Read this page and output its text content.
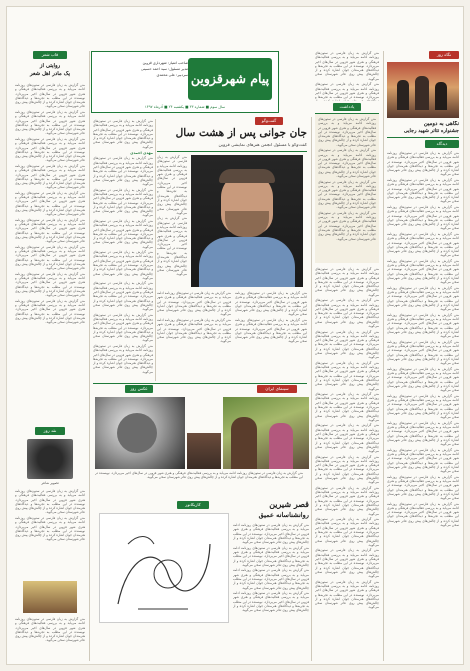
پیام شهرقزوین
صاحب امتیاز: شهرداری قزوین
مدیر مسئول: سید احمد حسینی
سردبیر: علی محمدی
سال سوم ■ شماره ۳۳ ■ یکشنبه ۲۴ ■ آذرماه ۱۳۹۷
نگاه روز
نگاهی به دومین
جشنواره تئاتر شهید رجایی
دیدگاه

متن گزارش به زبان فارسی در ستون‌های روزنامه ادامه می‌یابد و به بررسی فعالیت‌های فرهنگی و هنری شهر قزوین در سال‌های اخیر می‌پردازد. نویسنده در این مطلب به تجربه‌ها و دیدگاه‌های هنرمندان جوان اشاره کرده و از چالش‌های پیش روی تئاتر شهرستان سخن می‌گوید.

متن گزارش به زبان فارسی در ستون‌های روزنامه ادامه می‌یابد و به بررسی فعالیت‌های فرهنگی و هنری شهر قزوین در سال‌های اخیر می‌پردازد. نویسنده در این مطلب به تجربه‌ها و دیدگاه‌های هنرمندان جوان اشاره کرده و از چالش‌های پیش روی تئاتر شهرستان سخن می‌گوید.

متن گزارش به زبان فارسی در ستون‌های روزنامه ادامه می‌یابد و به بررسی فعالیت‌های فرهنگی و هنری شهر قزوین در سال‌های اخیر می‌پردازد. نویسنده در این مطلب به تجربه‌ها و دیدگاه‌های هنرمندان جوان اشاره کرده و از چالش‌های پیش روی تئاتر شهرستان سخن می‌گوید.

متن گزارش به زبان فارسی در ستون‌های روزنامه ادامه می‌یابد و به بررسی فعالیت‌های فرهنگی و هنری شهر قزوین در سال‌های اخیر می‌پردازد. نویسنده در این مطلب به تجربه‌ها و دیدگاه‌های هنرمندان جوان اشاره کرده و از چالش‌های پیش روی تئاتر شهرستان سخن می‌گوید.

متن گزارش به زبان فارسی در ستون‌های روزنامه ادامه می‌یابد و به بررسی فعالیت‌های فرهنگی و هنری شهر قزوین در سال‌های اخیر می‌پردازد. نویسنده در این مطلب به تجربه‌ها و دیدگاه‌های هنرمندان جوان اشاره کرده و از چالش‌های پیش روی تئاتر شهرستان سخن می‌گوید.

متن گزارش به زبان فارسی در ستون‌های روزنامه ادامه می‌یابد و به بررسی فعالیت‌های فرهنگی و هنری شهر قزوین در سال‌های اخیر می‌پردازد. نویسنده در این مطلب به تجربه‌ها و دیدگاه‌های هنرمندان جوان اشاره کرده و از چالش‌های پیش روی تئاتر شهرستان سخن می‌گوید.

متن گزارش به زبان فارسی در ستون‌های روزنامه ادامه می‌یابد و به بررسی فعالیت‌های فرهنگی و هنری شهر قزوین در سال‌های اخیر می‌پردازد. نویسنده در این مطلب به تجربه‌ها و دیدگاه‌های هنرمندان جوان اشاره کرده و از چالش‌های پیش روی تئاتر شهرستان سخن می‌گوید.

متن گزارش به زبان فارسی در ستون‌های روزنامه ادامه می‌یابد و به بررسی فعالیت‌های فرهنگی و هنری شهر قزوین در سال‌های اخیر می‌پردازد. نویسنده در این مطلب به تجربه‌ها و دیدگاه‌های هنرمندان جوان اشاره کرده و از چالش‌های پیش روی تئاتر شهرستان سخن می‌گوید.

متن گزارش به زبان فارسی در ستون‌های روزنامه ادامه می‌یابد و به بررسی فعالیت‌های فرهنگی و هنری شهر قزوین در سال‌های اخیر می‌پردازد. نویسنده در این مطلب به تجربه‌ها و دیدگاه‌های هنرمندان جوان اشاره کرده و از چالش‌های پیش روی تئاتر شهرستان سخن می‌گوید.

متن گزارش به زبان فارسی در ستون‌های روزنامه ادامه می‌یابد و به بررسی فعالیت‌های فرهنگی و هنری شهر قزوین در سال‌های اخیر می‌پردازد. نویسنده در این مطلب به تجربه‌ها و دیدگاه‌های هنرمندان جوان اشاره کرده و از چالش‌های پیش روی تئاتر شهرستان سخن می‌گوید.

متن گزارش به زبان فارسی در ستون‌های روزنامه ادامه می‌یابد و به بررسی فعالیت‌های فرهنگی و هنری شهر قزوین در سال‌های اخیر می‌پردازد. نویسنده در این مطلب به تجربه‌ها و دیدگاه‌های هنرمندان جوان اشاره کرده و از چالش‌های پیش روی تئاتر شهرستان سخن می‌گوید.

متن گزارش به زبان فارسی در ستون‌های روزنامه ادامه می‌یابد و به بررسی فعالیت‌های فرهنگی و هنری شهر قزوین در سال‌های اخیر می‌پردازد. نویسنده در این مطلب به تجربه‌ها و دیدگاه‌های هنرمندان جوان اشاره کرده و از چالش‌های پیش روی تئاتر شهرستان سخن می‌گوید.

متن گزارش به زبان فارسی در ستون‌های روزنامه ادامه می‌یابد و به بررسی فعالیت‌های فرهنگی و هنری شهر قزوین در سال‌های اخیر می‌پردازد. نویسنده در این مطلب به تجربه‌ها و دیدگاه‌های هنرمندان جوان اشاره کرده و از چالش‌های پیش روی تئاتر شهرستان سخن می‌گوید.

متن گزارش به زبان فارسی در ستون‌های روزنامه ادامه می‌یابد و به بررسی فعالیت‌های فرهنگی و هنری شهر قزوین در سال‌های اخیر می‌پردازد. نویسنده در این مطلب به تجربه‌ها و دیدگاه‌های هنرمندان جوان اشاره کرده و از چالش‌های پیش روی تئاتر شهرستان سخن می‌گوید.

متن گزارش به زبان فارسی در ستون‌های روزنامه ادامه می‌یابد و به بررسی فعالیت‌های فرهنگی و هنری شهر قزوین در سال‌های اخیر می‌پردازد. نویسنده در این مطلب به تجربه‌ها و دیدگاه‌های هنرمندان جوان اشاره کرده و از چالش‌های پیش روی تئاتر شهرستان سخن می‌گوید.

متن گزارش به زبان فارسی در ستون‌های روزنامه ادامه می‌یابد و به بررسی فعالیت‌های فرهنگی و هنری شهر قزوین در سال‌های اخیر می‌پردازد. نویسنده در این مطلب به تجربه‌ها و

یادداشت

متن گزارش به زبان فارسی در ستون‌های روزنامه ادامه می‌یابد و به بررسی فعالیت‌های فرهنگی و هنری شهر قزوین در سال‌های اخیر می‌پردازد. نویسنده در این مطلب به تجربه‌ها و دیدگاه‌های هنرمندان جوان اشاره کرده و از چالش‌های پیش روی تئاتر شهرستان سخن می‌گوید.

متن گزارش به زبان فارسی در ستون‌های روزنامه ادامه می‌یابد و به بررسی فعالیت‌های فرهنگی و هنری شهر قزوین در سال‌های اخیر می‌پردازد. نویسنده در این مطلب به تجربه‌ها و دیدگاه‌های هنرمندان جوان اشاره کرده و از چالش‌های پیش روی تئاتر شهرستان سخن می‌گوید.

متن گزارش به زبان فارسی در ستون‌های روزنامه ادامه می‌یابد و به بررسی فعالیت‌های فرهنگی و هنری شهر قزوین در سال‌های اخیر می‌پردازد. نویسنده در این مطلب به تجربه‌ها و دیدگاه‌های هنرمندان جوان اشاره کرده و از چالش‌های پیش روی تئاتر شهرستان سخن می‌گوید.

متن گزارش به زبان فارسی در ستون‌های روزنامه ادامه می‌یابد و به بررسی فعالیت‌های فرهنگی و هنری شهر قزوین در سال‌های اخیر می‌پردازد. نویسنده در این مطلب به تجربه‌ها و دیدگاه‌های هنرمندان جوان اشاره کرده و از چالش‌های پیش روی تئاتر شهرستان سخن می‌گوید.

متن گزارش به زبان فارسی در ستون‌های روزنامه ادامه می‌یابد و به بررسی فعالیت‌های فرهنگی و هنری شهر قزوین در سال‌های اخیر می‌پردازد. نویسنده در این مطلب به تجربه‌ها و دیدگاه‌های هنرمندان جوان اشاره کرده و از چالش‌های پیش روی تئاتر شهرستان سخن می‌گوید.

متن گزارش به زبان فارسی در ستون‌های روزنامه ادامه می‌یابد و به بررسی فعالیت‌های فرهنگی و هنری شهر قزوین در سال‌های اخیر می‌پردازد. نویسنده در این مطلب به تجربه‌ها و دیدگاه‌های هنرمندان جوان اشاره کرده و از چالش‌های پیش روی تئاتر شهرستان سخن می‌گوید.

متن گزارش به زبان فارسی در ستون‌های روزنامه ادامه می‌یابد و به بررسی فعالیت‌های فرهنگی و هنری شهر قزوین در سال‌های اخیر می‌پردازد. نویسنده در این مطلب به تجربه‌ها و دیدگاه‌های هنرمندان جوان اشاره کرده و از چالش‌های پیش روی تئاتر شهرستان سخن می‌گوید.

متن گزارش به زبان فارسی در ستون‌های روزنامه ادامه می‌یابد و به بررسی فعالیت‌های فرهنگی و هنری شهر قزوین در سال‌های اخیر می‌پردازد. نویسنده در این مطلب به تجربه‌ها و دیدگاه‌های هنرمندان جوان اشاره کرده و از چالش‌های پیش روی تئاتر شهرستان سخن می‌گوید.

متن گزارش به زبان فارسی در ستون‌های روزنامه ادامه می‌یابد و به بررسی فعالیت‌های فرهنگی و هنری شهر قزوین در سال‌های اخیر می‌پردازد. نویسنده در این مطلب به تجربه‌ها و دیدگاه‌های هنرمندان جوان اشاره کرده و از چالش‌های پیش روی تئاتر شهرستان سخن می‌گوید.

متن گزارش به زبان فارسی در ستون‌های روزنامه ادامه می‌یابد و به بررسی فعالیت‌های فرهنگی و هنری شهر قزوین در سال‌های اخیر می‌پردازد. نویسنده در این مطلب به تجربه‌ها و دیدگاه‌های هنرمندان جوان اشاره کرده و از چالش‌های پیش روی تئاتر شهرستان سخن می‌گوید.

متن گزارش به زبان فارسی در ستون‌های روزنامه ادامه می‌یابد و به بررسی فعالیت‌های فرهنگی و هنری شهر قزوین در سال‌های اخیر می‌پردازد. نویسنده در این مطلب به تجربه‌ها و دیدگاه‌های هنرمندان جوان اشاره کرده و از چالش‌های پیش روی تئاتر شهرستان سخن می‌گوید.

متن گزارش به زبان فارسی در ستون‌های روزنامه ادامه می‌یابد و به بررسی فعالیت‌های فرهنگی و هنری شهر قزوین در سال‌های اخیر می‌پردازد. نویسنده در این مطلب به تجربه‌ها و دیدگاه‌های هنرمندان جوان اشاره کرده و از چالش‌های پیش روی تئاتر شهرستان سخن می‌گوید.

متن گزارش به زبان فارسی در ستون‌های روزنامه ادامه می‌یابد و به بررسی فعالیت‌های فرهنگی و هنری شهر قزوین در سال‌های اخیر می‌پردازد. نویسنده در این مطلب به تجربه‌ها و دیدگاه‌های هنرمندان جوان اشاره کرده و از چالش‌های پیش روی تئاتر شهرستان سخن می‌گوید.

متن گزارش به زبان فارسی در ستون‌های روزنامه ادامه می‌یابد و به بررسی فعالیت‌های فرهنگی و هنری شهر قزوین در سال‌های اخیر می‌پردازد. نویسنده در این مطلب به تجربه‌ها و دیدگاه‌های هنرمندان جوان اشاره کرده و از چالش‌های پیش روی تئاتر شهرستان سخن می‌گوید.

متن گزارش به زبان فارسی در ستون‌های روزنامه ادامه می‌یابد و به بررسی فعالیت‌های فرهنگی و هنری شهر قزوین در سال‌های اخیر می‌پردازد. نویسنده در این مطلب به تجربه‌ها و دیدگاه‌های هنرمندان جوان اشاره کرده و از چالش‌های پیش روی تئاتر شهرستان سخن می‌گوید.

گفت‌وگو
جان جوانی پس از هشت سال
گفت‌وگو با مسئول انجمن هنرهای نمایشی قزوین

متن گزارش به زبان فارسی در ستون‌های روزنامه ادامه می‌یابد و به بررسی فعالیت‌های فرهنگی و هنری شهر قزوین در سال‌های اخیر می‌پردازد. نویسنده در این مطلب به تجربه‌ها و دیدگاه‌های هنرمندان جوان اشاره کرده و از چالش‌های پیش روی تئاتر شهرستان سخن می‌گوید.

متن گزارش به زبان فارسی در ستون‌های روزنامه ادامه می‌یابد و به بررسی فعالیت‌های فرهنگی و هنری شهر قزوین در سال‌های اخیر می‌پردازد. نویسنده در این مطلب به تجربه‌ها و دیدگاه‌های هنرمندان جوان اشاره کرده و از چالش‌های پیش روی تئاتر شهرستان سخن می‌گوید.

متن گزارش به زبان فارسی در ستون‌های روزنامه ادامه می‌یابد و به بررسی فعالیت‌های فرهنگی و هنری شهر قزوین در سال‌های اخیر می‌پردازد. نویسنده در این مطلب به تجربه‌ها و دیدگاه‌های هنرمندان جوان اشاره کرده و از چالش‌های پیش روی تئاتر شهرستان سخن می‌گوید.

متن گزارش به زبان فارسی در ستون‌های روزنامه ادامه می‌یابد و به بررسی فعالیت‌های فرهنگی و هنری شهر قزوین در سال‌های اخیر می‌پردازد. نویسنده در این مطلب به تجربه‌ها و دیدگاه‌های هنرمندان جوان اشاره کرده و از چالش‌های پیش روی تئاتر شهرستان سخن می‌گوید.

متن گزارش به زبان فارسی در ستون‌های روزنامه ادامه می‌یابد و به بررسی فعالیت‌های فرهنگی و هنری شهر قزوین در سال‌های اخیر می‌پردازد. نویسنده در این مطلب به تجربه‌ها و دیدگاه‌های هنرمندان جوان اشاره کرده و از چالش‌های پیش روی تئاتر شهرستان سخن می‌گوید.

متن گزارش به زبان فارسی در ستون‌های روزنامه ادامه می‌یابد و به بررسی فعالیت‌های فرهنگی و هنری شهر قزوین در سال‌های اخیر می‌پردازد. نویسنده در این مطلب به تجربه‌ها و دیدگاه‌های هنرمندان جوان اشاره کرده و از چالش‌های پیش روی تئاتر شهرستان سخن می‌گوید.

متن گزارش به زبان فارسی در ستون‌های روزنامه ادامه می‌یابد و به بررسی فعالیت‌های فرهنگی و هنری شهر قزوین در سال‌های اخیر می‌پردازد. نویسنده در این مطلب به تجربه‌ها و دیدگاه‌های هنرمندان جوان اشاره کرده و از چالش‌های پیش روی تئاتر شهرستان سخن می‌گوید.

مهدی احمدی

متن گزارش به زبان فارسی در ستون‌های روزنامه ادامه می‌یابد و به بررسی فعالیت‌های فرهنگی و هنری شهر قزوین در سال‌های اخیر می‌پردازد. نویسنده در این مطلب به تجربه‌ها و دیدگاه‌های هنرمندان جوان اشاره کرده و از چالش‌های پیش روی تئاتر شهرستان سخن می‌گوید.

متن گزارش به زبان فارسی در ستون‌های روزنامه ادامه می‌یابد و به بررسی فعالیت‌های فرهنگی و هنری شهر قزوین در سال‌های اخیر می‌پردازد. نویسنده در این مطلب به تجربه‌ها و دیدگاه‌های هنرمندان جوان اشاره کرده و از چالش‌های پیش روی تئاتر شهرستان سخن می‌گوید.

متن گزارش به زبان فارسی در ستون‌های روزنامه ادامه می‌یابد و به بررسی فعالیت‌های فرهنگی و هنری شهر قزوین در سال‌های اخیر می‌پردازد. نویسنده در این مطلب به تجربه‌ها و دیدگاه‌های هنرمندان جوان اشاره کرده و از چالش‌های پیش روی تئاتر شهرستان سخن می‌گوید.

متن گزارش به زبان فارسی در ستون‌های روزنامه ادامه می‌یابد و به بررسی فعالیت‌های فرهنگی و هنری شهر قزوین در سال‌های اخیر می‌پردازد. نویسنده در این مطلب به تجربه‌ها و دیدگاه‌های هنرمندان جوان اشاره کرده و از چالش‌های پیش روی تئاتر شهرستان سخن می‌گوید.

متن گزارش به زبان فارسی در ستون‌های روزنامه ادامه می‌یابد و به بررسی فعالیت‌های فرهنگی و هنری شهر قزوین در سال‌های اخیر می‌پردازد. نویسنده در این مطلب به تجربه‌ها و دیدگاه‌های هنرمندان جوان اشاره کرده و از چالش‌های پیش روی تئاتر شهرستان سخن می‌گوید.

متن گزارش به زبان فارسی در ستون‌های روزنامه ادامه می‌یابد و به بررسی فعالیت‌های فرهنگی و هنری شهر قزوین در سال‌های اخیر می‌پردازد. نویسنده در این مطلب به تجربه‌ها و دیدگاه‌های هنرمندان جوان اشاره کرده و از چالش‌های پیش روی تئاتر شهرستان سخن می‌گوید.

متن گزارش به زبان فارسی در ستون‌های روزنامه ادامه می‌یابد و به بررسی فعالیت‌های فرهنگی و هنری شهر قزوین در سال‌های اخیر می‌پردازد. نویسنده در این مطلب به تجربه‌ها و دیدگاه‌های هنرمندان جوان اشاره کرده و از چالش‌های پیش روی تئاتر شهرستان سخن می‌گوید.

عکس روز

متن گزارش به زبان فارسی در ستون‌های روزنامه ادامه می‌یابد و به بررسی فعالیت‌های فرهنگی و هنری شهر قزوین در سال‌های اخیر می‌پردازد. نویسنده در این مطلب به تجربه‌ها و دیدگاه‌های هنرمندان جوان اشاره کرده و از چالش‌های پیش روی تئاتر شهرستان سخن می‌گوید.

سینمای ایران
کاریکاتور	قصر شیرین
روانشناسانه عمیق

متن گزارش به زبان فارسی در ستون‌های روزنامه ادامه می‌یابد و به بررسی فعالیت‌های فرهنگی و هنری شهر قزوین در سال‌های اخیر می‌پردازد. نویسنده در این مطلب به تجربه‌ها و دیدگاه‌های هنرمندان جوان اشاره کرده و از چالش‌های پیش روی تئاتر شهرستان سخن می‌گوید.

متن گزارش به زبان فارسی در ستون‌های روزنامه ادامه می‌یابد و به بررسی فعالیت‌های فرهنگی و هنری شهر قزوین در سال‌های اخیر می‌پردازد. نویسنده در این مطلب به تجربه‌ها و دیدگاه‌های هنرمندان جوان اشاره کرده و از چالش‌های پیش روی تئاتر شهرستان سخن می‌گوید.

متن گزارش به زبان فارسی در ستون‌های روزنامه ادامه می‌یابد و به بررسی فعالیت‌های فرهنگی و هنری شهر قزوین در سال‌های اخیر می‌پردازد. نویسنده در این مطلب به تجربه‌ها و دیدگاه‌های هنرمندان جوان اشاره کرده و از چالش‌های پیش روی تئاتر شهرستان سخن می‌گوید.

متن گزارش به زبان فارسی در ستون‌های روزنامه ادامه می‌یابد و به بررسی فعالیت‌های فرهنگی و هنری شهر قزوین در سال‌های اخیر می‌پردازد. نویسنده در این مطلب به تجربه‌ها و دیدگاه‌های هنرمندان جوان اشاره کرده و از چالش‌های پیش روی تئاتر شهرستان سخن می‌گوید.

قاب شعر
روایتی از
یک مادر اهل شعر

متن گزارش به زبان فارسی در ستون‌های روزنامه ادامه می‌یابد و به بررسی فعالیت‌های فرهنگی و هنری شهر قزوین در سال‌های اخیر می‌پردازد. نویسنده در این مطلب به تجربه‌ها و دیدگاه‌های هنرمندان جوان اشاره کرده و از چالش‌های پیش روی تئاتر شهرستان سخن می‌گوید.

متن گزارش به زبان فارسی در ستون‌های روزنامه ادامه می‌یابد و به بررسی فعالیت‌های فرهنگی و هنری شهر قزوین در سال‌های اخیر می‌پردازد. نویسنده در این مطلب به تجربه‌ها و دیدگاه‌های هنرمندان جوان اشاره کرده و از چالش‌های پیش روی تئاتر شهرستان سخن می‌گوید.

متن گزارش به زبان فارسی در ستون‌های روزنامه ادامه می‌یابد و به بررسی فعالیت‌های فرهنگی و هنری شهر قزوین در سال‌های اخیر می‌پردازد. نویسنده در این مطلب به تجربه‌ها و دیدگاه‌های هنرمندان جوان اشاره کرده و از چالش‌های پیش روی تئاتر شهرستان سخن می‌گوید.

متن گزارش به زبان فارسی در ستون‌های روزنامه ادامه می‌یابد و به بررسی فعالیت‌های فرهنگی و هنری شهر قزوین در سال‌های اخیر می‌پردازد. نویسنده در این مطلب به تجربه‌ها و دیدگاه‌های هنرمندان جوان اشاره کرده و از چالش‌های پیش روی تئاتر شهرستان سخن می‌گوید.

متن گزارش به زبان فارسی در ستون‌های روزنامه ادامه می‌یابد و به بررسی فعالیت‌های فرهنگی و هنری شهر قزوین در سال‌های اخیر می‌پردازد. نویسنده در این مطلب به تجربه‌ها و دیدگاه‌های هنرمندان جوان اشاره کرده و از چالش‌های پیش روی تئاتر شهرستان سخن می‌گوید.

متن گزارش به زبان فارسی در ستون‌های روزنامه ادامه می‌یابد و به بررسی فعالیت‌های فرهنگی و هنری شهر قزوین در سال‌های اخیر می‌پردازد. نویسنده در این مطلب به تجربه‌ها و دیدگاه‌های هنرمندان جوان اشاره کرده و از چالش‌های پیش روی تئاتر شهرستان سخن می‌گوید.

متن گزارش به زبان فارسی در ستون‌های روزنامه ادامه می‌یابد و به بررسی فعالیت‌های فرهنگی و هنری شهر قزوین در سال‌های اخیر می‌پردازد. نویسنده در این مطلب به تجربه‌ها و دیدگاه‌های هنرمندان جوان اشاره کرده و از چالش‌های پیش روی تئاتر شهرستان سخن می‌گوید.

متن گزارش به زبان فارسی در ستون‌های روزنامه ادامه می‌یابد و به بررسی فعالیت‌های فرهنگی و هنری شهر قزوین در سال‌های اخیر می‌پردازد. نویسنده در این مطلب به تجربه‌ها و دیدگاه‌های هنرمندان جوان اشاره کرده و از چالش‌های پیش روی تئاتر شهرستان سخن می‌گوید.

متن گزارش به زبان فارسی در ستون‌های روزنامه ادامه می‌یابد و به بررسی فعالیت‌های فرهنگی و هنری شهر قزوین در سال‌های اخیر می‌پردازد. نویسنده در این مطلب به تجربه‌ها و دیدگاه‌های هنرمندان جوان اشاره کرده و از چالش‌های پیش روی تئاتر شهرستان سخن می‌گوید.

نقد روز
تصویر شاعر

متن گزارش به زبان فارسی در ستون‌های روزنامه ادامه می‌یابد و به بررسی فعالیت‌های فرهنگی و هنری شهر قزوین در سال‌های اخیر می‌پردازد. نویسنده در این مطلب به تجربه‌ها و دیدگاه‌های هنرمندان جوان اشاره کرده و از چالش‌های پیش روی تئاتر شهرستان سخن می‌گوید.

متن گزارش به زبان فارسی در ستون‌های روزنامه ادامه می‌یابد و به بررسی فعالیت‌های فرهنگی و هنری شهر قزوین در سال‌های اخیر می‌پردازد. نویسنده در این مطلب به تجربه‌ها و دیدگاه‌های هنرمندان جوان اشاره کرده و از چالش‌های پیش روی تئاتر شهرستان سخن می‌گوید.

متن گزارش به زبان فارسی در ستون‌های روزنامه ادامه می‌یابد و به بررسی فعالیت‌های فرهنگی و هنری شهر قزوین در سال‌های اخیر می‌پردازد. نویسنده در این مطلب به تجربه‌ها و دیدگاه‌های هنرمندان جوان اشاره کرده و از چالش‌های پیش روی تئاتر شهرستان سخن می‌گوید.
